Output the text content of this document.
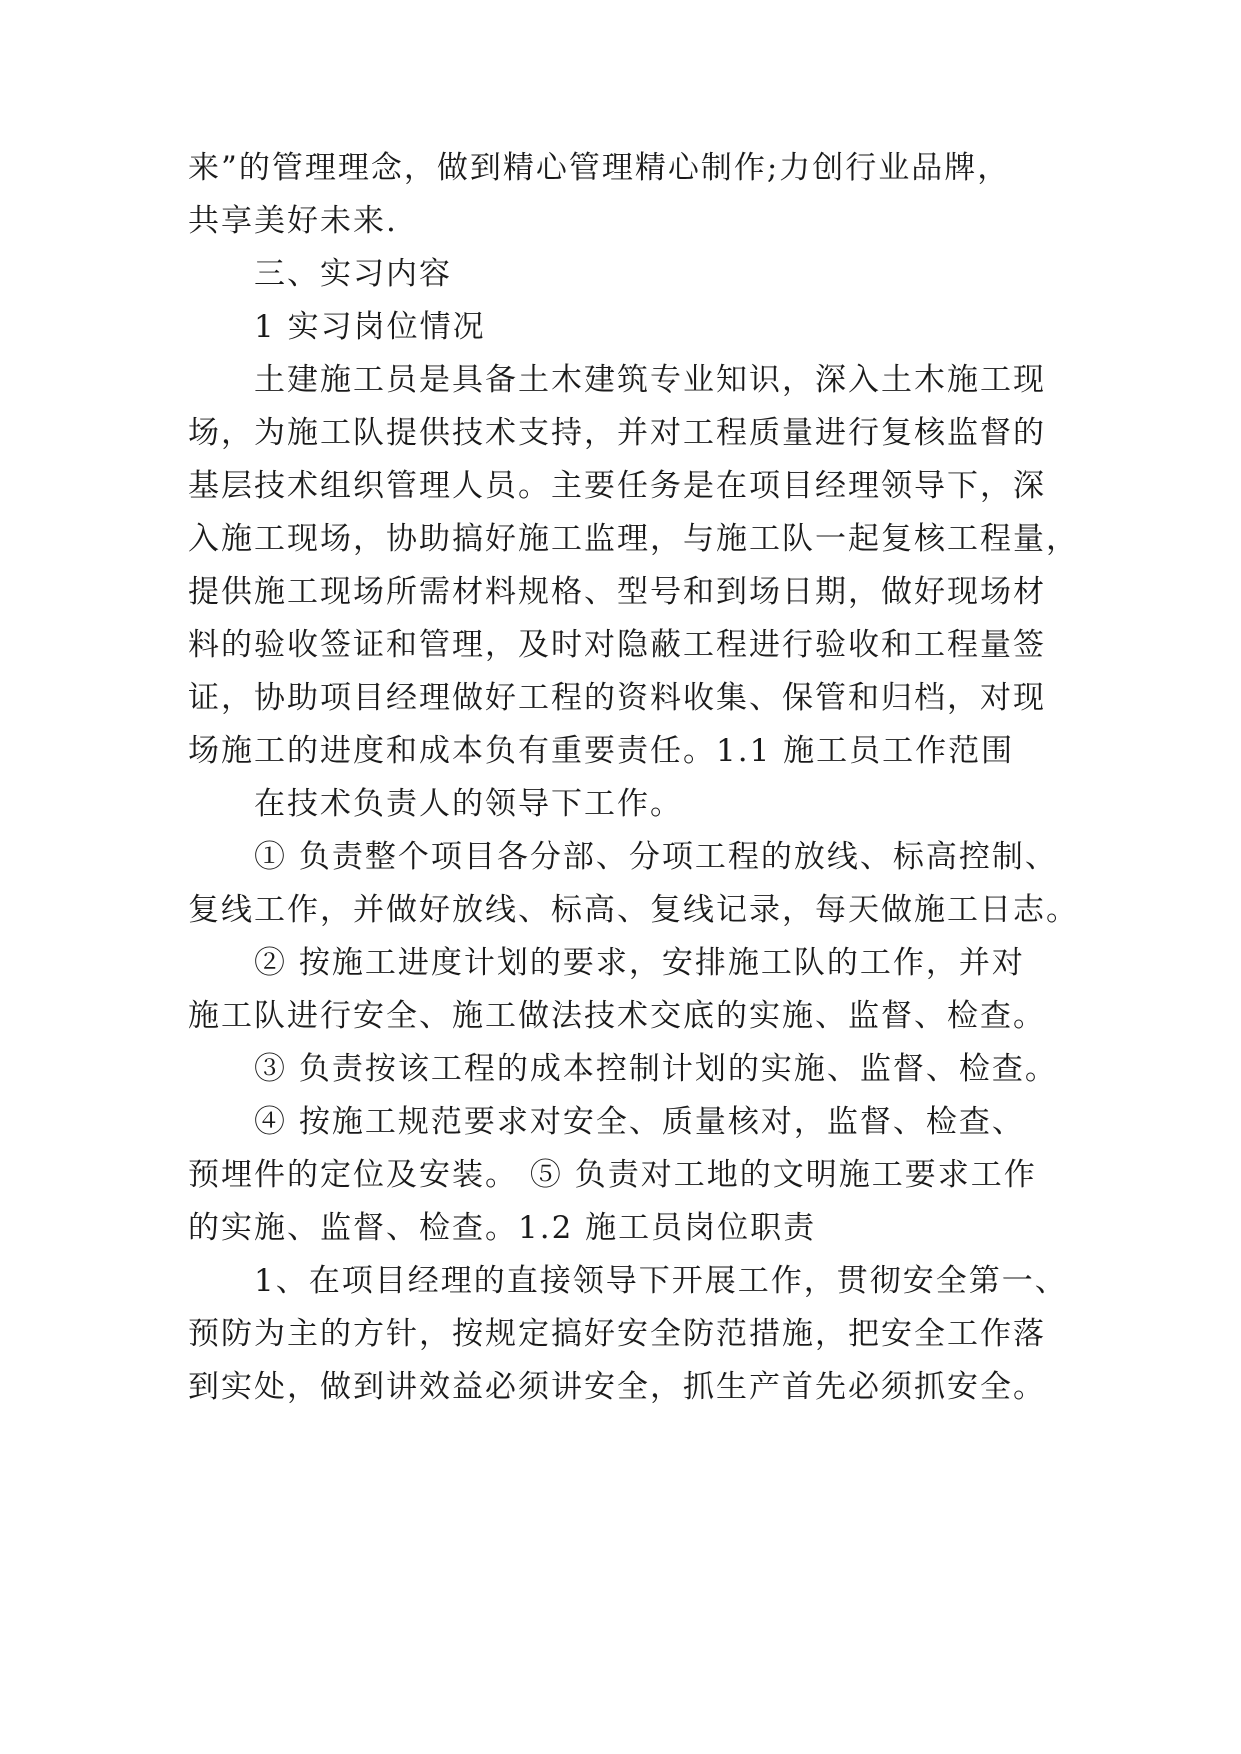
来”的管理理念，做到精心管理精心制作;力创行业品牌，
共享美好未来.
三、实习内容
1 实习岗位情况
土建施工员是具备土木建筑专业知识，深入土木施工现
场，为施工队提供技术支持，并对工程质量进行复核监督的
基层技术组织管理人员。主要任务是在项目经理领导下，深
入施工现场，协助搞好施工监理，与施工队一起复核工程量，
提供施工现场所需材料规格、型号和到场日期，做好现场材
料的验收签证和管理，及时对隐蔽工程进行验收和工程量签
证，协助项目经理做好工程的资料收集、保管和归档，对现
场施工的进度和成本负有重要责任。1.1 施工员工作范围
在技术负责人的领导下工作。
① 负责整个项目各分部、分项工程的放线、标高控制、
复线工作，并做好放线、标高、复线记录，每天做施工日志。
② 按施工进度计划的要求，安排施工队的工作，并对
施工队进行安全、施工做法技术交底的实施、监督、检查。
③ 负责按该工程的成本控制计划的实施、监督、检查。
④ 按施工规范要求对安全、质量核对，监督、检查、
预埋件的定位及安装。 ⑤ 负责对工地的文明施工要求工作
的实施、监督、检查。1.2 施工员岗位职责
1、在项目经理的直接领导下开展工作，贯彻安全第一、
预防为主的方针，按规定搞好安全防范措施，把安全工作落
到实处，做到讲效益必须讲安全，抓生产首先必须抓安全。
